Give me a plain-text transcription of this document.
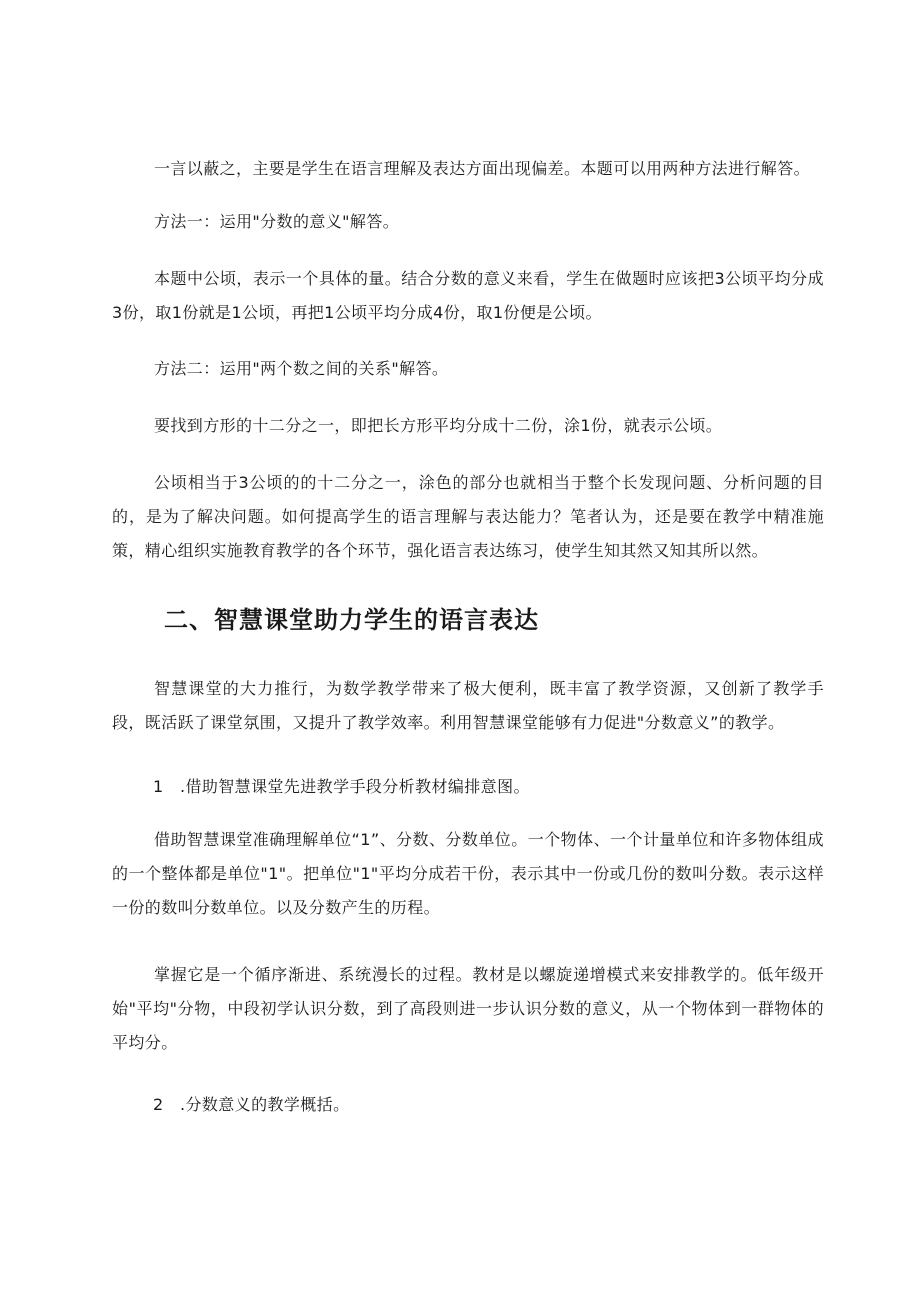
一言以蔽之，主要是学生在语言理解及表达方面出现偏差。本题可以用两种方法进行解答。

方法一：运用"分数的意义"解答。

本题中公顷，表示一个具体的量。结合分数的意义来看，学生在做题时应该把3公顷平均分成3份，取1份就是1公顷，再把1公顷平均分成4份，取1份便是公顷。

方法二：运用"两个数之间的关系"解答。

要找到方形的十二分之一，即把长方形平均分成十二份，涂1份，就表示公顷。

公顷相当于3公顷的的十二分之一，涂色的部分也就相当于整个长发现问题、分析问题的目的，是为了解决问题。如何提高学生的语言理解与表达能力？笔者认为，还是要在教学中精准施策，精心组织实施教育教学的各个环节，强化语言表达练习，使学生知其然又知其所以然。

二、智慧课堂助力学生的语言表达

智慧课堂的大力推行，为数学教学带来了极大便利，既丰富了教学资源，又创新了教学手段，既活跃了课堂氛围，又提升了教学效率。利用智慧课堂能够有力促进"分数意义”的教学。

1　.借助智慧课堂先进教学手段分析教材编排意图。

借助智慧课堂准确理解单位“1”、分数、分数单位。一个物体、一个计量单位和许多物体组成的一个整体都是单位"1"。把单位"1"平均分成若干份，表示其中一份或几份的数叫分数。表示这样一份的数叫分数单位。以及分数产生的历程。

掌握它是一个循序渐进、系统漫长的过程。教材是以螺旋递增模式来安排教学的。低年级开始"平均"分物，中段初学认识分数，到了高段则进一步认识分数的意义，从一个物体到一群物体的平均分。

2　.分数意义的教学概括。
